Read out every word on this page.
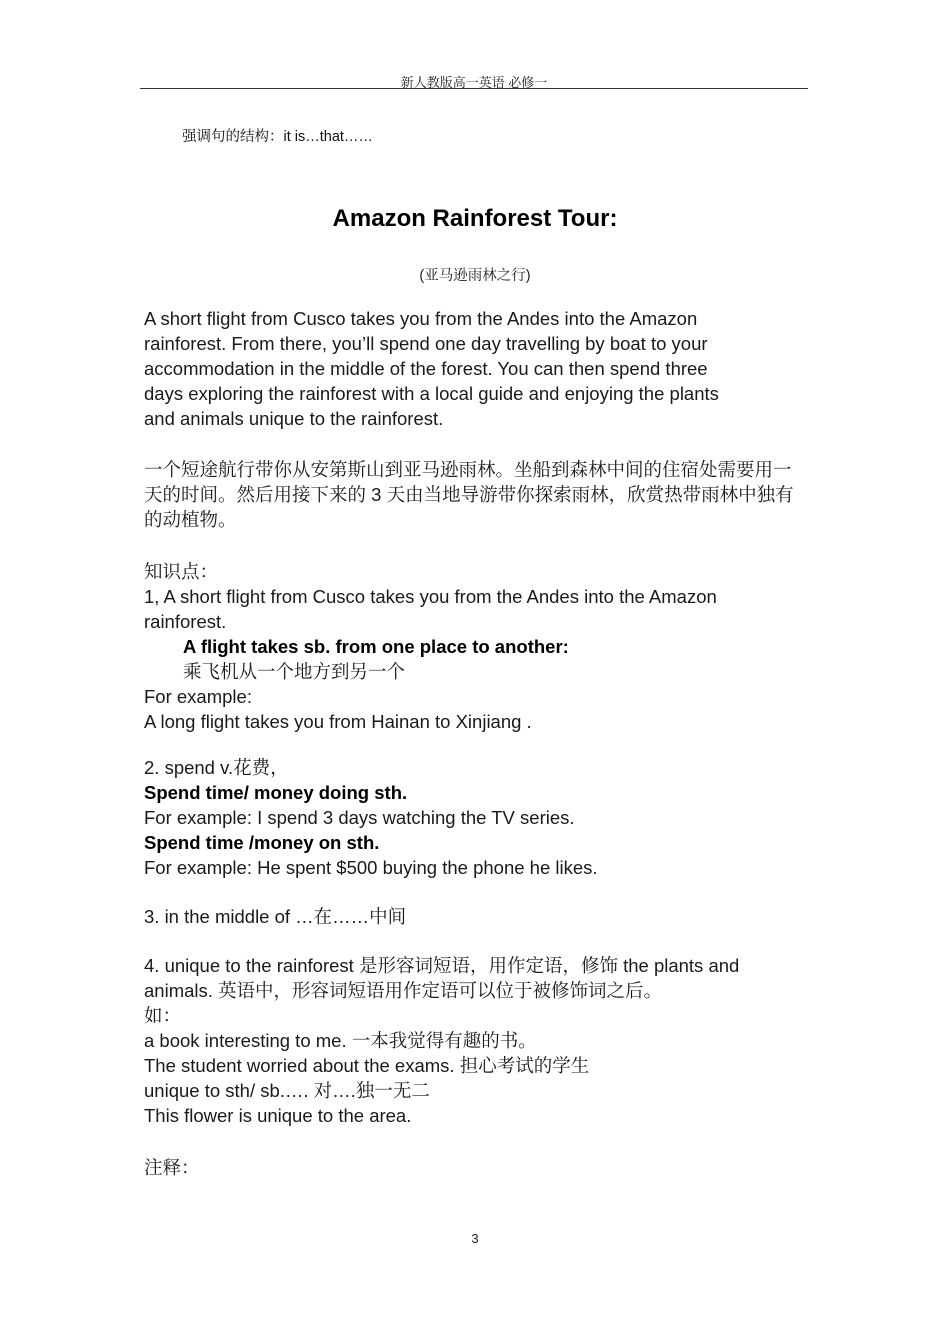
新人教版高一英语 必修一
强调句的结构：it is…that……
Amazon Rainforest Tour:
(亚马逊雨林之行)
A short flight from Cusco takes you from the Andes into the Amazon
rainforest. From there, you’ll spend one day travelling by boat to your
accommodation in the middle of the forest. You can then spend three
days exploring the rainforest with a local guide and enjoying the plants
and animals unique to the rainforest.
一个短途航行带你从安第斯山到亚马逊雨林。坐船到森林中间的住宿处需要用一
天的时间。然后用接下来的 3 天由当地导游带你探索雨林，欣赏热带雨林中独有
的动植物。
知识点：
1, A short flight from Cusco takes you from the Andes into the Amazon
rainforest.
A flight takes sb. from one place to another:
乘飞机从一个地方到另一个
For example:
A long flight takes you from Hainan to Xinjiang .
2. spend v.花费，
Spend time/ money doing sth.
For example: I spend 3 days watching the TV series.
Spend time /money on sth.
For example: He spent $500 buying the phone he likes.
3. in the middle of …在……中间
4. unique to the rainforest 是形容词短语，用作定语，修饰 the plants and
animals. 英语中，形容词短语用作定语可以位于被修饰词之后。
如：
a book interesting to me. 一本我觉得有趣的书。
The student worried about the exams. 担心考试的学生
unique to sth/ sb.…. 对….独一无二
This flower is unique to the area.
注释：
3
